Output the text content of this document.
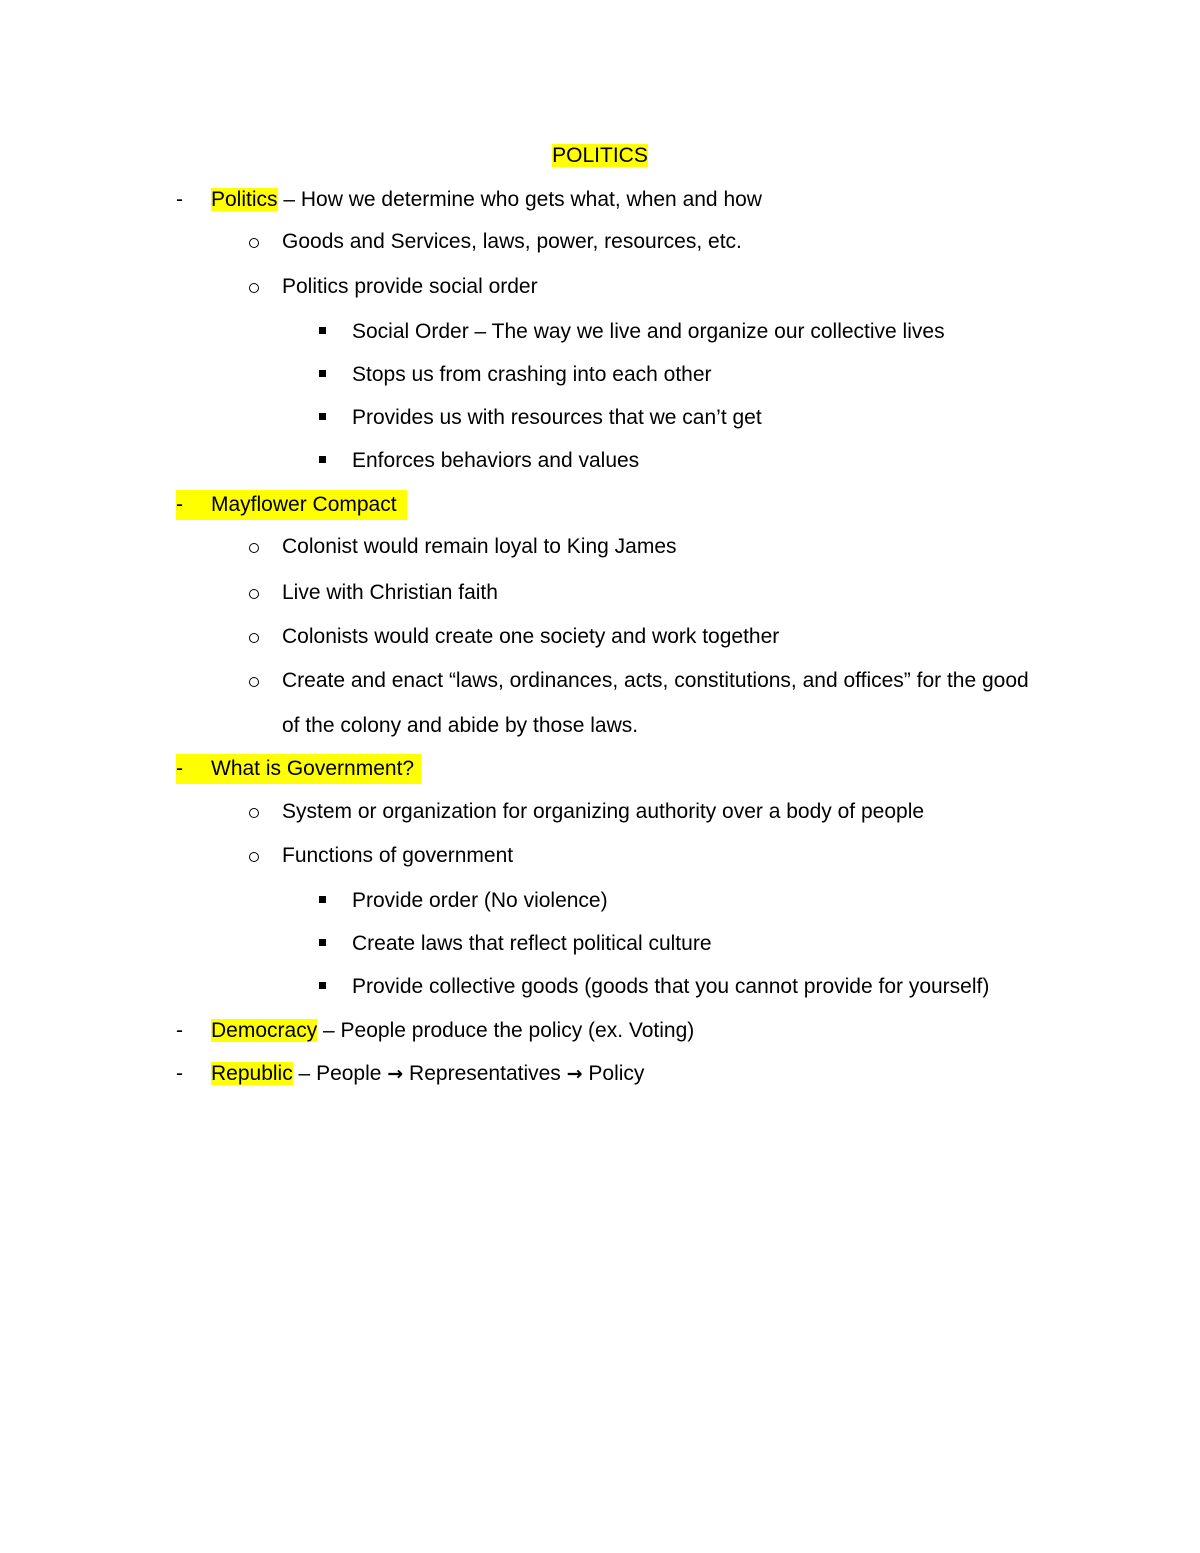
POLITICS
- Politics – How we determine who gets what, when and how
Goods and Services, laws, power, resources, etc.
Politics provide social order
Social Order – The way we live and organize our collective lives
Stops us from crashing into each other
Provides us with resources that we can’t get
Enforces behaviors and values
- Mayflower Compact
Colonist would remain loyal to King James
Live with Christian faith
Colonists would create one society and work together
Create and enact “laws, ordinances, acts, constitutions, and offices” for the good
of the colony and abide by those laws.
- What is Government?
System or organization for organizing authority over a body of people
Functions of government
Provide order (No violence)
Create laws that reflect political culture
Provide collective goods (goods that you cannot provide for yourself)
- Democracy – People produce the policy (ex. Voting)
- Republic – People → Representatives → Policy
